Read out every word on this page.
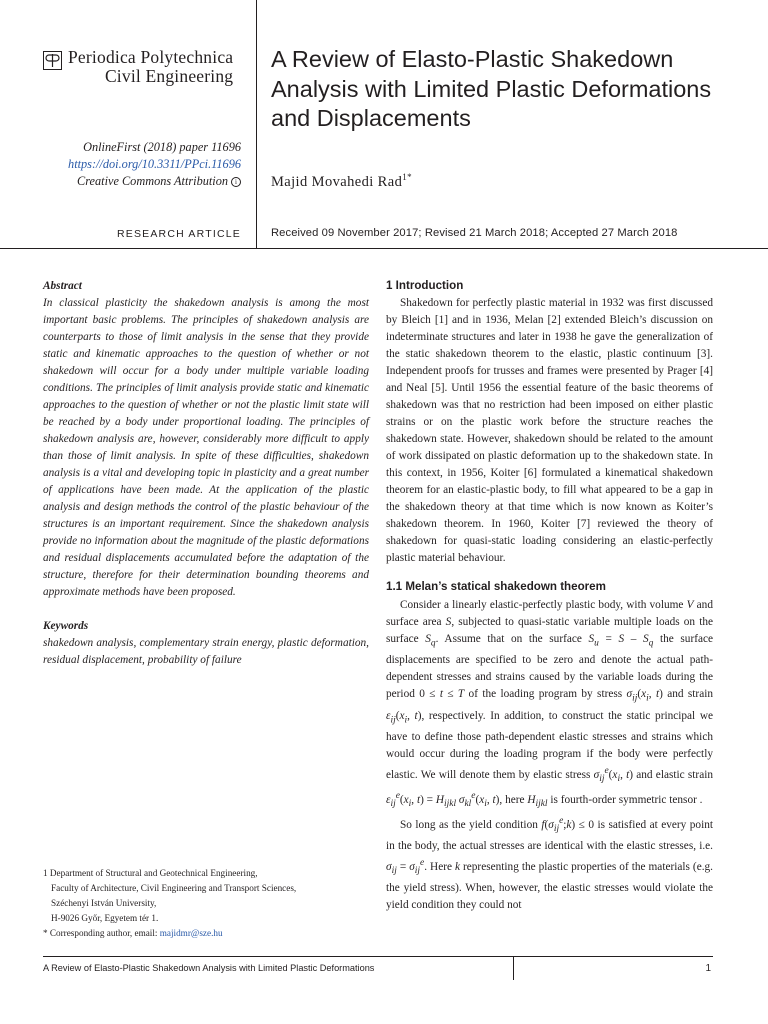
Periodica Polytechnica
Civil Engineering
OnlineFirst (2018) paper 11696
https://doi.org/10.3311/PPci.11696
Creative Commons Attribution i
RESEARCH ARTICLE
A Review of Elasto-Plastic Shakedown Analysis with Limited Plastic Deformations and Displacements
Majid Movahedi Rad$^{1*}$
Received 09 November 2017; Revised 21 March 2018; Accepted 27 March 2018
Abstract
In classical plasticity the shakedown analysis is among the most important basic problems. The principles of shakedown analysis are counterparts to those of limit analysis in the sense that they provide static and kinematic approaches to the question of whether or not shakedown will occur for a body under multiple variable loading conditions. The principles of limit analysis provide static and kinematic approaches to the question of whether or not the plastic limit state will be reached by a body under proportional loading. The principles of shakedown analysis are, however, considerably more difficult to apply than those of limit analysis. In spite of these difficulties, shakedown analysis is a vital and developing topic in plasticity and a great number of applications have been made. At the application of the plastic analysis and design methods the control of the plastic behaviour of the structures is an important requirement. Since the shakedown analysis provide no information about the magnitude of the plastic deformations and residual displacements accumulated before the adaptation of the structure, therefore for their determination bounding theorems and approximate methods have been proposed.
Keywords
shakedown analysis, complementary strain energy, plastic deformation, residual displacement, probability of failure
1 Department of Structural and Geotechnical Engineering,
Faculty of Architecture, Civil Engineering and Transport Sciences,
Széchenyi István University,
H-9026 Győr, Egyetem tér 1.
* Corresponding author, email: majidmr@sze.hu
1 Introduction

Shakedown for perfectly plastic material in 1932 was first discussed by Bleich [1] and in 1936, Melan [2] extended Bleich’s discussion on indeterminate structures and later in 1938 he gave the generalization of the static shakedown theorem to the elastic, plastic continuum [3]. Independent proofs for trusses and frames were presented by Prager [4] and Neal [5]. Until 1956 the essential feature of the basic theorems of shakedown was that no restriction had been imposed on either plastic strains or on the plastic work before the structure reaches the shakedown state. However, shakedown should be related to the amount of work dissipated on plastic deformation up to the shakedown state. In this context, in 1956, Koiter [6] formulated a kinematical shakedown theorem for an elastic-plastic body, to fill what appeared to be a gap in the shakedown theory at that time which is now known as Koiter’s shakedown theorem. In 1960, Koiter [7] reviewed the theory of shakedown for quasi-static loading considering an elastic-perfectly plastic material behaviour.

1.1 Melan’s statical shakedown theorem

Consider a linearly elastic-perfectly plastic body, with volume V and surface area S, subjected to quasi-static variable multiple loads on the surface $S_q$. Assume that on the surface $S_u = S - S_q$ the surface displacements are specified to be zero and denote the actual path-dependent stresses and strains caused by the variable loads during the period 0 ≤ t ≤ T of the loading program by stress $\sigma_{ij}(x_i$, t) and strain $\varepsilon_{ij}(x_i$, t), respectively. In addition, to construct the static principal we have to define those path-dependent elastic stresses and strains which would occur during the loading program if the body were perfectly elastic. We will denote them by elastic stress $\sigma_{ij}^e(x_i$, t) and elastic strain $\varepsilon_{ij}^e(x_i$, $t) = H_{ijkl}$ $\sigma_{kl}^e(x_i$, t), here $H_{ijkl}$ is fourth-order symmetric tensor .

So long as the yield condition $f(\sigma_{ij}^e;k) \le 0$ is satisfied at every point in the body, the actual stresses are identical with the elastic stresses, i.e. $\sigma_{ij} = \sigma_{ij}^e$. Here k representing the plastic properties of the materials (e.g. the yield stress). When, however, the elastic stresses would violate the yield condition they could not

A Review of Elasto-Plastic Shakedown Analysis with Limited Plastic Deformations	1
